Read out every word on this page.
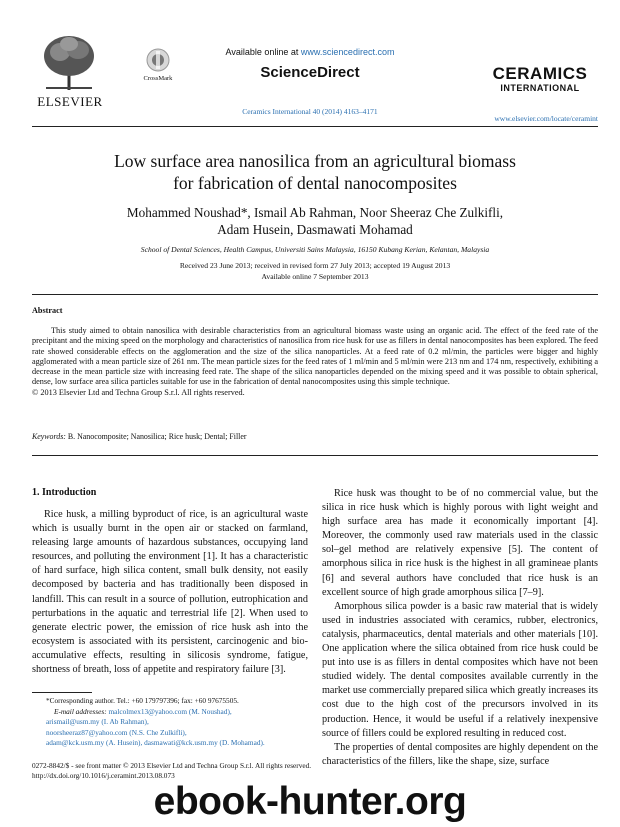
ELSEVIER
CrossMark
Available online at www.sciencedirect.com
ScienceDirect
Ceramics International 40 (2014) 4163–4171
CERAMICS
INTERNATIONAL
www.elsevier.com/locate/ceramint
Low surface area nanosilica from an agricultural biomass
for fabrication of dental nanocomposites
Mohammed Noushad*, Ismail Ab Rahman, Noor Sheeraz Che Zulkifli,
Adam Husein, Dasmawati Mohamad
School of Dental Sciences, Health Campus, Universiti Sains Malaysia, 16150 Kubang Kerian, Kelantan, Malaysia
Received 23 June 2013; received in revised form 27 July 2013; accepted 19 August 2013
Available online 7 September 2013
Abstract
This study aimed to obtain nanosilica with desirable characteristics from an agricultural biomass waste using an organic acid. The effect of the feed rate of the precipitant and the mixing speed on the morphology and characteristics of nanosilica from rice husk for use as fillers in dental nanocomposites has been explored. The feed rate showed considerable effects on the agglomeration and the size of the silica nanoparticles. At a feed rate of 0.2 ml/min, the particles were bigger and highly agglomerated with a mean particle size of 261 nm. The mean particle sizes for the feed rates of 1 ml/min and 5 ml/min were 213 nm and 174 nm, respectively, exhibiting a decrease in the mean particle size with increasing feed rate. The shape of the silica nanoparticles depended on the mixing speed and it was possible to obtain spherical, dense, low surface area silica particles suitable for use in the fabrication of dental nanocomposites using this simple technique.
© 2013 Elsevier Ltd and Techna Group S.r.l. All rights reserved.
Keywords: B. Nanocomposite; Nanosilica; Rice husk; Dental; Filler
1. Introduction

Rice husk, a milling byproduct of rice, is an agricultural waste which is usually burnt in the open air or stacked on farmland, releasing large amounts of hazardous substances, occupying land resources, and polluting the environment [1]. It has a characteristic of hard surface, high silica content, small bulk density, not easily decomposed by bacteria and has traditionally been disposed in landfill. This can result in a source of pollution, eutrophication and perturbations in the aquatic and terrestrial life [2]. When used to generate electric power, the emission of rice husk ash into the ecosystem is associated with its persistent, carcinogenic and bio-accumulative effects, resulting in silicosis syndrome, fatigue, shortness of breath, loss of appetite and respiratory failure [3].

Rice husk was thought to be of no commercial value, but the silica in rice husk which is highly porous with light weight and high surface area has made it economically important [4]. Moreover, the commonly used raw materials used in the classic sol–gel method are relatively expensive [5]. The content of amorphous silica in rice husk is the highest in all gramineae plants [6] and several authors have concluded that rice husk is an excellent source of high grade amorphous silica [7–9].

Amorphous silica powder is a basic raw material that is widely used in industries associated with ceramics, rubber, electronics, catalysis, pharmaceutics, dental materials and other materials [10]. One application where the silica obtained from rice husk could be put into use is as fillers in dental composites which have not been studied widely. The dental composites available currently in the market use commercially prepared silica which greatly increases its cost due to the high cost of the precursors involved in its production. Hence, it would be useful if a relatively inexpensive source of fillers could be explored resulting in reduced cost.

The properties of dental composites are highly dependent on the characteristics of the fillers, like the shape, size, surface

*Corresponding author. Tel.: +60 179797396; fax: +60 97675505.
E-mail addresses: malcolmex13@yahoo.com (M. Noushad),
arismail@usm.my (I. Ab Rahman),
noorsheeraz87@yahoo.com (N.S. Che Zulkifli),
adam@kck.usm.my (A. Husein), dasmawati@kck.usm.my (D. Mohamad).
0272-8842/$ - see front matter © 2013 Elsevier Ltd and Techna Group S.r.l. All rights reserved.
http://dx.doi.org/10.1016/j.ceramint.2013.08.073
ebook-hunter.org
